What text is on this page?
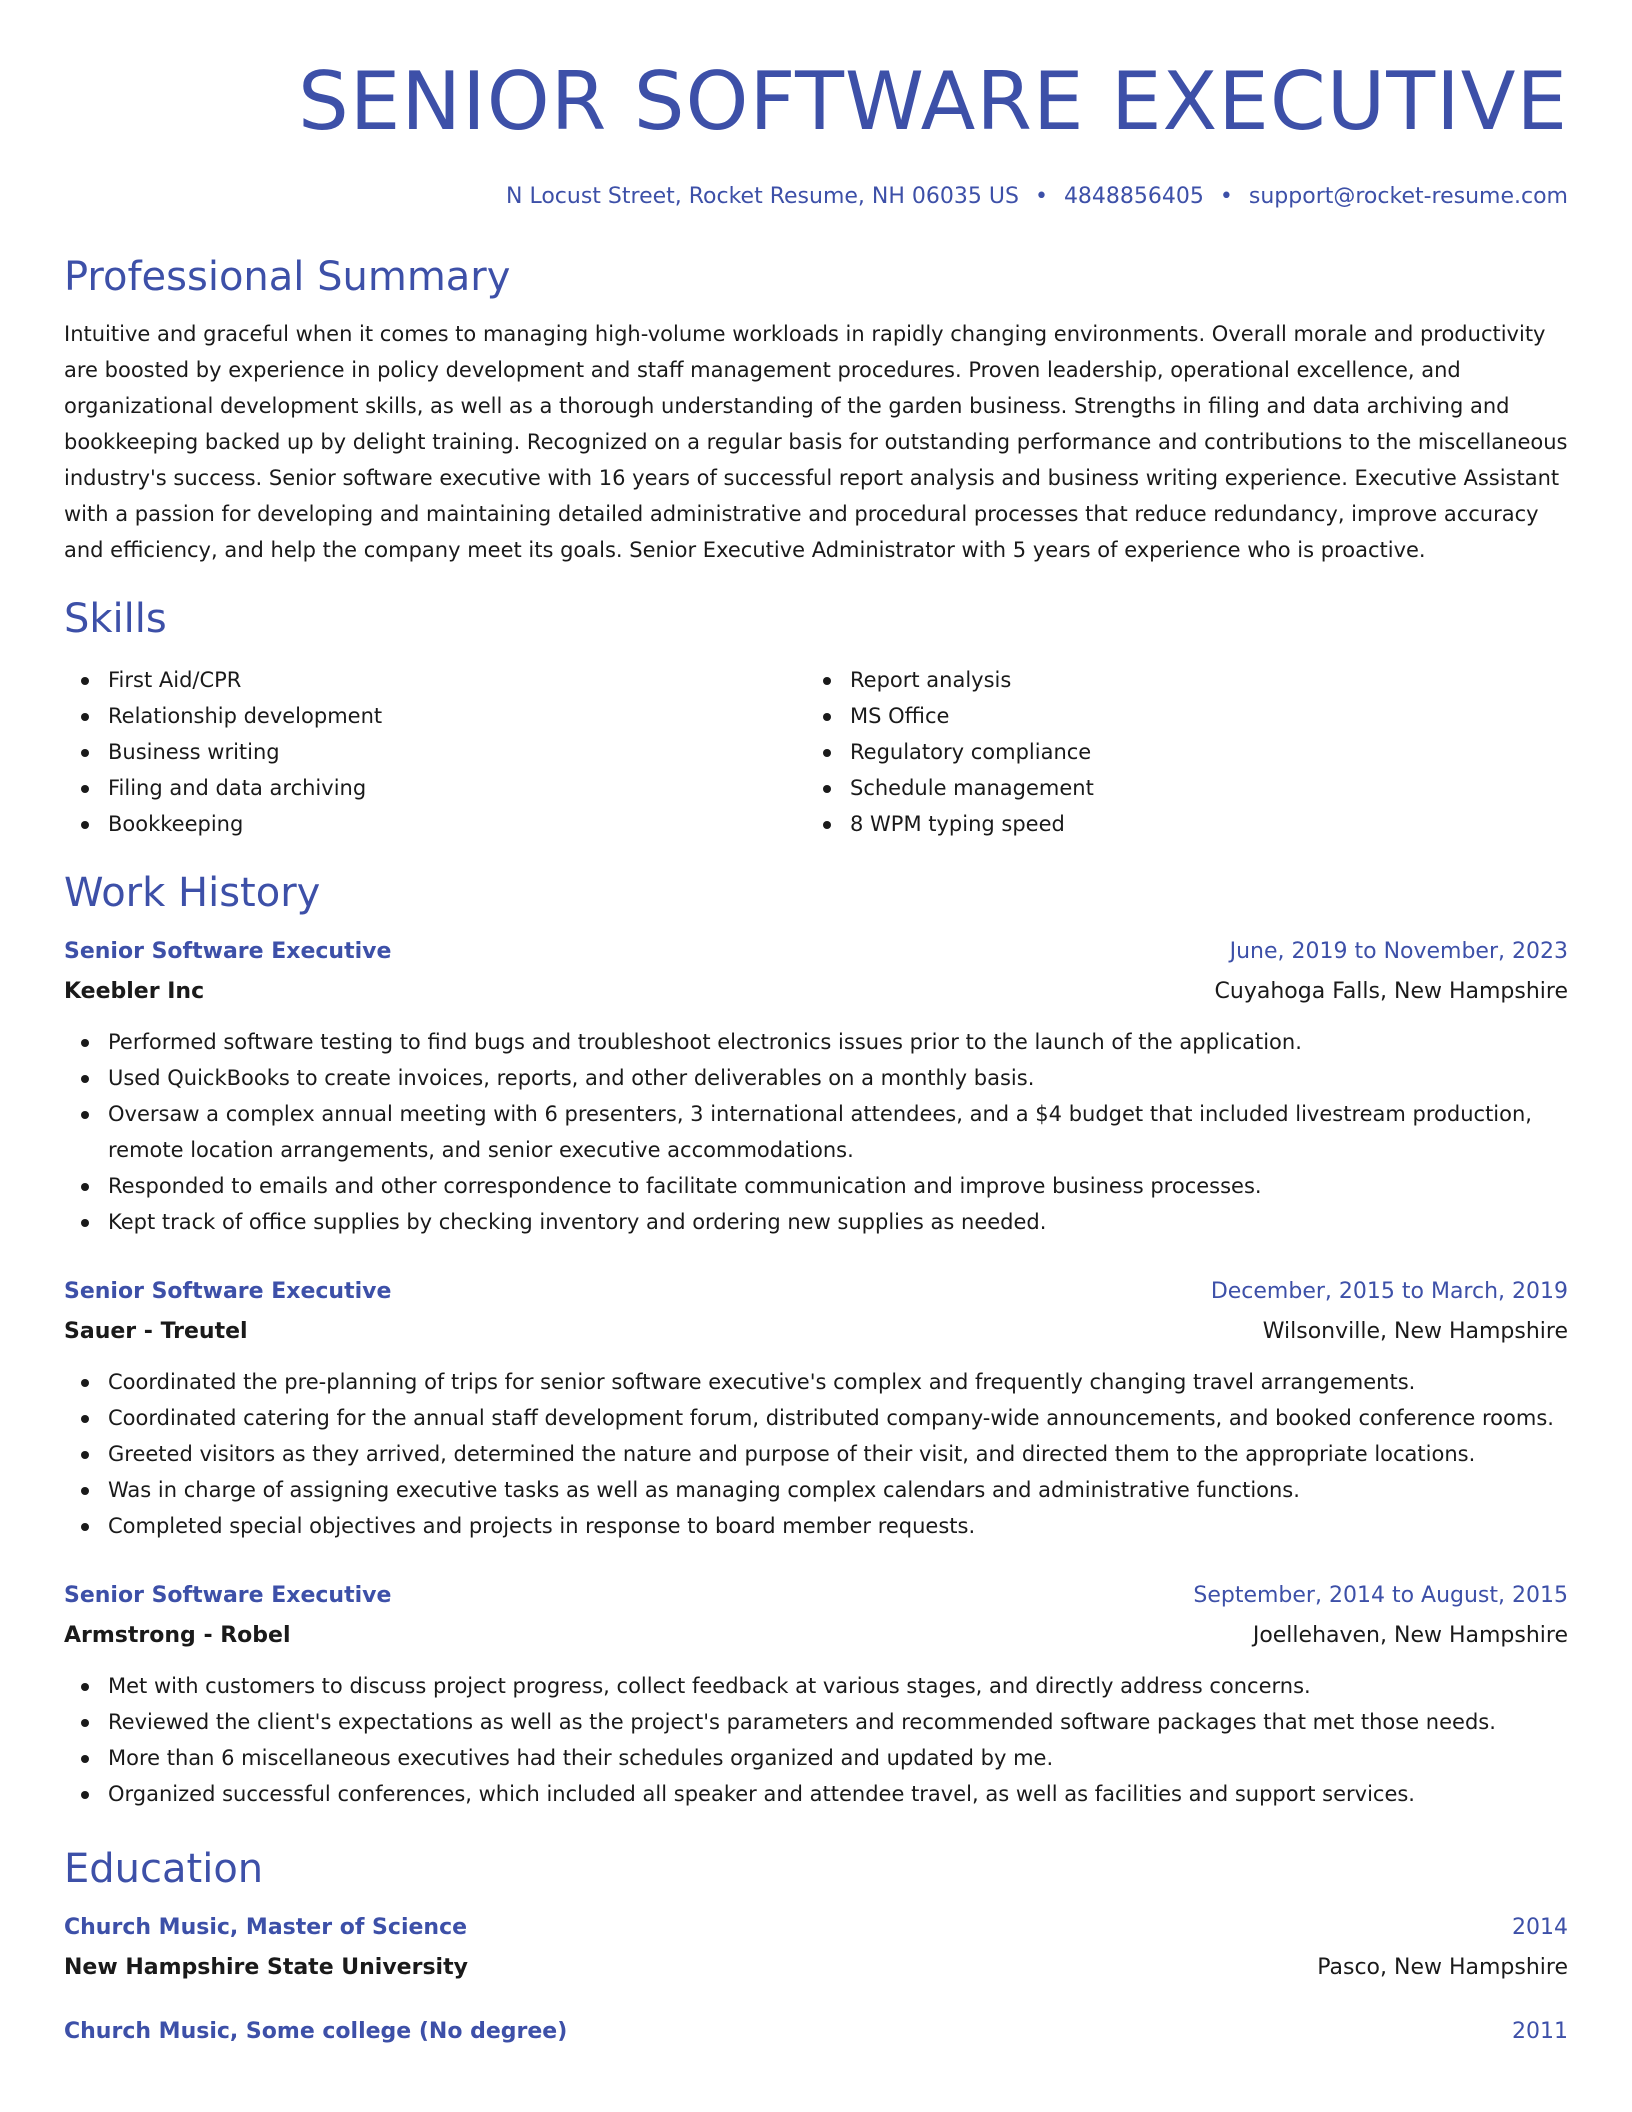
SENIOR SOFTWARE EXECUTIVE
N Locust Street, Rocket Resume, NH 06035 US • 4848856405 • support@rocket-resume.com
Professional Summary
Intuitive and graceful when it comes to managing high-volume workloads in rapidly changing environments. Overall morale and productivity are boosted by experience in policy development and staff management procedures. Proven leadership, operational excellence, and organizational development skills, as well as a thorough understanding of the garden business. Strengths in filing and data archiving and bookkeeping backed up by delight training. Recognized on a regular basis for outstanding performance and contributions to the miscellaneous industry's success. Senior software executive with 16 years of successful report analysis and business writing experience. Executive Assistant with a passion for developing and maintaining detailed administrative and procedural processes that reduce redundancy, improve accuracy and efficiency, and help the company meet its goals. Senior Executive Administrator with 5 years of experience who is proactive.
Skills
First Aid/CPR
Relationship development
Business writing
Filing and data archiving
Bookkeeping
Report analysis
MS Office
Regulatory compliance
Schedule management
8 WPM typing speed
Work History
Senior Software Executive	June, 2019 to November, 2023
Keebler Inc	Cuyahoga Falls, New Hampshire
Performed software testing to find bugs and troubleshoot electronics issues prior to the launch of the application.
Used QuickBooks to create invoices, reports, and other deliverables on a monthly basis.
Oversaw a complex annual meeting with 6 presenters, 3 international attendees, and a $4 budget that included livestream production, remote location arrangements, and senior executive accommodations.
Responded to emails and other correspondence to facilitate communication and improve business processes.
Kept track of office supplies by checking inventory and ordering new supplies as needed.
Senior Software Executive	December, 2015 to March, 2019
Sauer - Treutel	Wilsonville, New Hampshire
Coordinated the pre-planning of trips for senior software executive's complex and frequently changing travel arrangements.
Coordinated catering for the annual staff development forum, distributed company-wide announcements, and booked conference rooms.
Greeted visitors as they arrived, determined the nature and purpose of their visit, and directed them to the appropriate locations.
Was in charge of assigning executive tasks as well as managing complex calendars and administrative functions.
Completed special objectives and projects in response to board member requests.
Senior Software Executive	September, 2014 to August, 2015
Armstrong - Robel	Joellehaven, New Hampshire
Met with customers to discuss project progress, collect feedback at various stages, and directly address concerns.
Reviewed the client's expectations as well as the project's parameters and recommended software packages that met those needs.
More than 6 miscellaneous executives had their schedules organized and updated by me.
Organized successful conferences, which included all speaker and attendee travel, as well as facilities and support services.
Education
Church Music, Master of Science	2014
New Hampshire State University	Pasco, New Hampshire
Church Music, Some college (No degree)	2011
